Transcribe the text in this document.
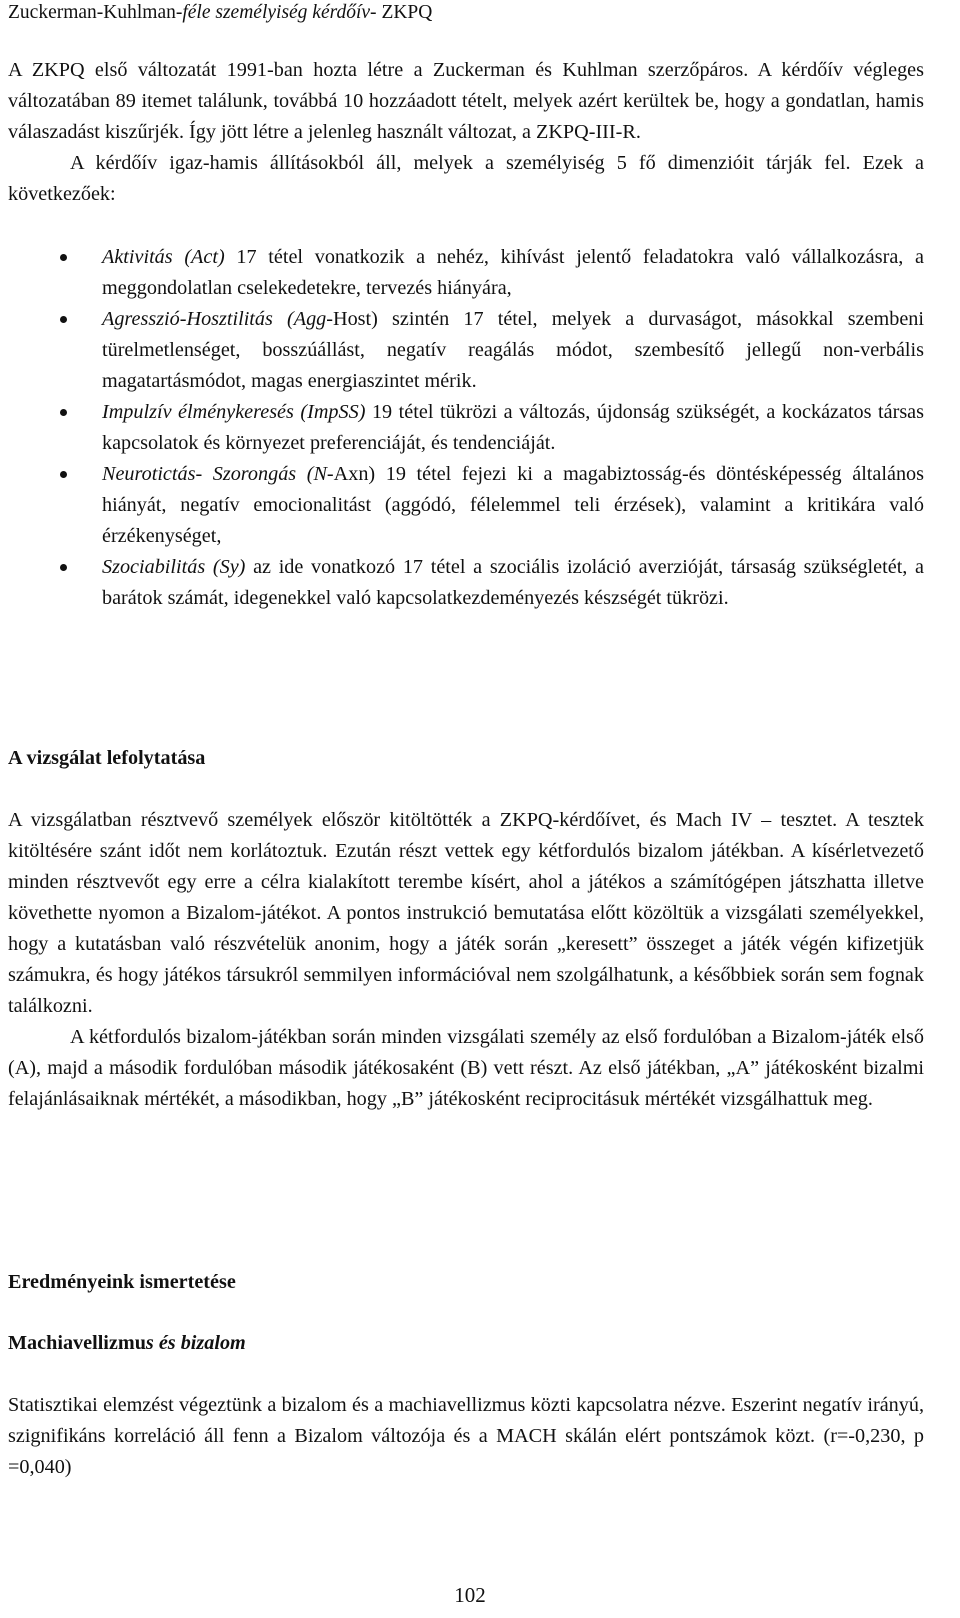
Zuckerman-Kuhlman-féle személyiség kérdőív- ZKPQ

A ZKPQ első változatát 1991-ban hozta létre a Zuckerman és Kuhlman szerzőpáros. A kérdőív végleges változatában 89 itemet találunk, továbbá 10 hozzáadott tételt, melyek azért kerültek be, hogy a gondatlan, hamis válaszadást kiszűrjék. Így jött létre a jelenleg használt változat, a ZKPQ-III-R.

A kérdőív igaz-hamis állításokból áll, melyek a személyiség 5 fő dimenzióit tárják fel. Ezek a következőek:

Aktivitás (Act) 17 tétel vonatkozik a nehéz, kihívást jelentő feladatokra való vállalkozásra, a meggondolatlan cselekedetekre, tervezés hiányára,
Agresszió-Hosztilitás (Agg-Host) szintén 17 tétel, melyek a durvaságot, másokkal szembeni türelmetlenséget, bosszúállást, negatív reagálás módot, szembesítő jellegű non-verbális magatartásmódot, magas energiaszintet mérik.
Impulzív élménykeresés (ImpSS) 19 tétel tükrözi a változás, újdonság szükségét, a kockázatos társas kapcsolatok és környezet preferenciáját, és tendenciáját.
Neurotictás- Szorongás (N-Axn) 19 tétel fejezi ki a magabiztosság-és döntésképesség általános hiányát, negatív emocionalitást (aggódó, félelemmel teli érzések), valamint a kritikára való érzékenységet,
Szociabilitás (Sy) az ide vonatkozó 17 tétel a szociális izoláció averzióját, társaság szükségletét, a barátok számát, idegenekkel való kapcsolatkezdeményezés készségét tükrözi.
A vizsgálat lefolytatása

A vizsgálatban résztvevő személyek először kitöltötték a ZKPQ-kérdőívet, és Mach IV – tesztet. A tesztek kitöltésére szánt időt nem korlátoztuk. Ezután részt vettek egy kétfordulós bizalom játékban. A kísérletvezető minden résztvevőt egy erre a célra kialakított terembe kísért, ahol a játékos a számítógépen játszhatta illetve követhette nyomon a Bizalom-játékot. A pontos instrukció bemutatása előtt közöltük a vizsgálati személyekkel, hogy a kutatásban való részvételük anonim, hogy a játék során „keresett” összeget a játék végén kifizetjük számukra, és hogy játékos társukról semmilyen információval nem szolgálhatunk, a későbbiek során sem fognak találkozni.

A kétfordulós bizalom-játékban során minden vizsgálati személy az első fordulóban a Bizalom-játék első (A), majd a második fordulóban második játékosaként (B) vett részt. Az első játékban, „A” játékosként bizalmi felajánlásaiknak mértékét, a másodikban, hogy „B” játékosként reciprocitásuk mértékét vizsgálhattuk meg.

Eredményeink ismertetése
Machiavellizmus és bizalom

Statisztikai elemzést végeztünk a bizalom és a machiavellizmus közti kapcsolatra nézve. Eszerint negatív irányú, szignifikáns korreláció áll fenn a Bizalom változója és a MACH skálán elért pontszámok közt. (r=-0,230, p =0,040)

102
